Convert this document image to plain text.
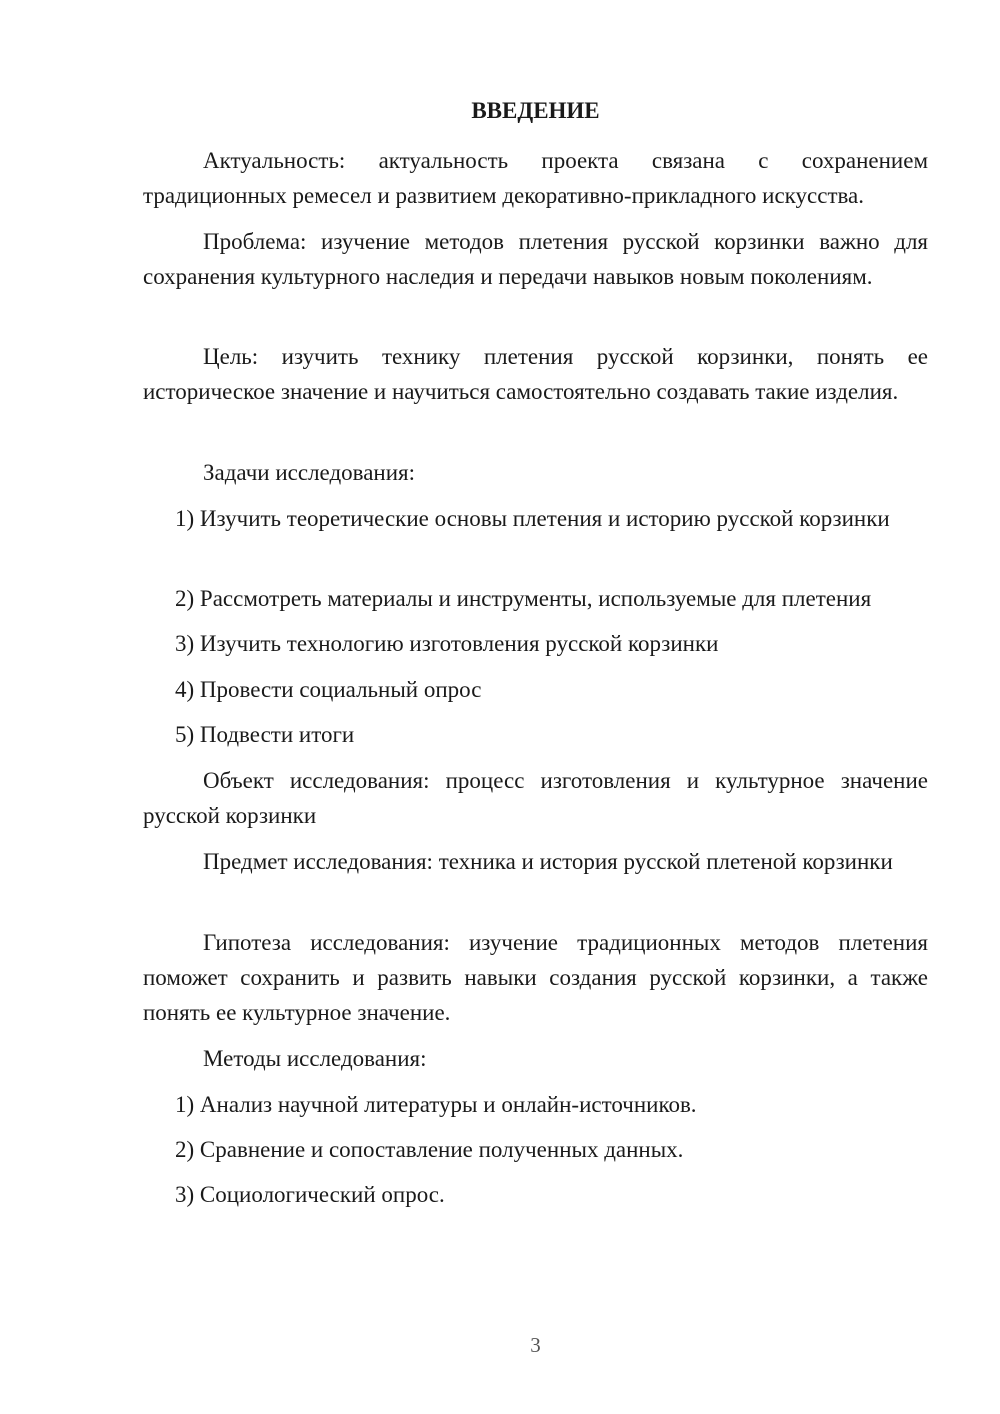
ВВЕДЕНИЕ

Актуальность: актуальность проекта связана с сохранением традиционных ремесел и развитием декоративно-прикладного искусства.

Проблема: изучение методов плетения русской корзинки важно для сохранения культурного наследия и передачи навыков новым поколениям.

Цель: изучить технику плетения русской корзинки, понять ее историческое значение и научиться самостоятельно создавать такие изделия.

Задачи исследования:

1) Изучить теоретические основы плетения и историю русской корзинки

2) Рассмотреть материалы и инструменты, используемые для плетения

3) Изучить технологию изготовления русской корзинки

4) Провести социальный опрос

5) Подвести итоги

Объект исследования: процесс изготовления и культурное значение русской корзинки

Предмет исследования: техника и история русской плетеной корзинки

Гипотеза исследования: изучение традиционных методов плетения поможет сохранить и развить навыки создания русской корзинки, а также понять ее культурное значение.

Методы исследования:

1) Анализ научной литературы и онлайн-источников.

2) Сравнение и сопоставление полученных данных.

3) Социологический опрос.

3
